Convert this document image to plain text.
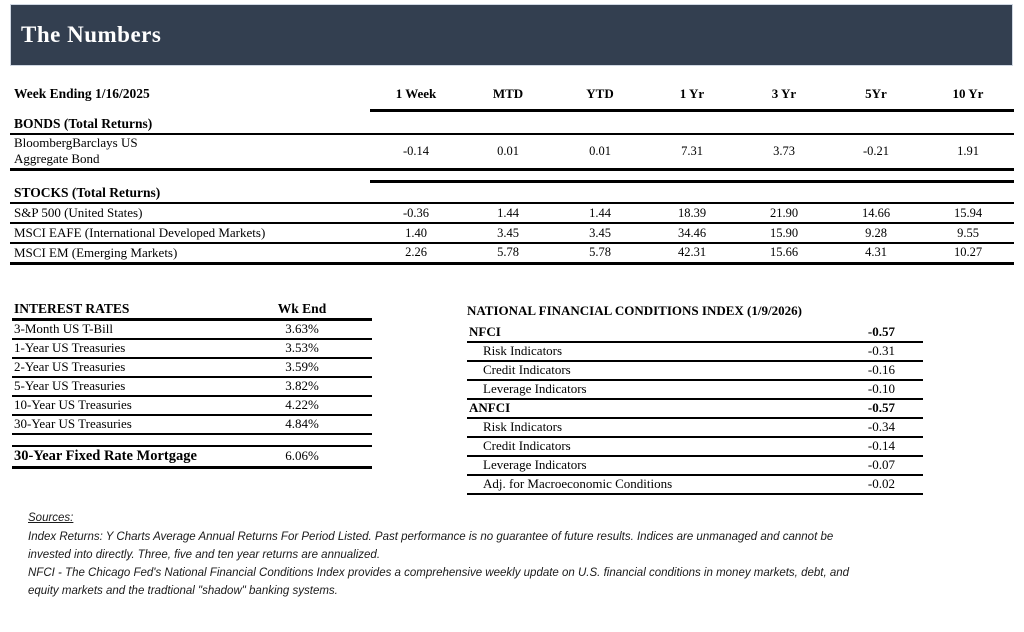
The Numbers
Week Ending 1/16/2025	1 Week	MTD	YTD	1 Yr	3 Yr	5Yr	10 Yr
BONDS (Total Returns)							
BloombergBarclays US
Aggregate Bond	-0.14	0.01	0.01	7.31	3.73	-0.21	1.91

STOCKS (Total Returns)							
S&P 500 (United States)	-0.36	1.44	1.44	18.39	21.90	14.66	15.94
MSCI EAFE (International Developed Markets)	1.40	3.45	3.45	34.46	15.90	9.28	9.55
MSCI EM (Emerging Markets)	2.26	5.78	5.78	42.31	15.66	4.31	10.27
INTEREST RATES	Wk End
3-Month US T-Bill	3.63%
1-Year US Treasuries	3.53%
2-Year US Treasuries	3.59%
5-Year US Treasuries	3.82%
10-Year US Treasuries	4.22%
30-Year US Treasuries	4.84%

30-Year Fixed Rate Mortgage	6.06%
NATIONAL FINANCIAL CONDITIONS INDEX (1/9/2026)	
NFCI	-0.57
Risk Indicators	-0.31
Credit Indicators	-0.16
Leverage Indicators	-0.10
ANFCI	-0.57
Risk Indicators	-0.34
Credit Indicators	-0.14
Leverage Indicators	-0.07
Adj. for Macroeconomic Conditions	-0.02
Sources:
Index Returns: Y Charts Average Annual Returns For Period Listed. Past performance is no guarantee of future results. Indices are unmanaged and cannot be
invested into directly. Three, five and ten year returns are annualized.
NFCI - The Chicago Fed's National Financial Conditions Index provides a comprehensive weekly update on U.S. financial conditions in money markets, debt, and
equity markets and the tradtional "shadow" banking systems.
